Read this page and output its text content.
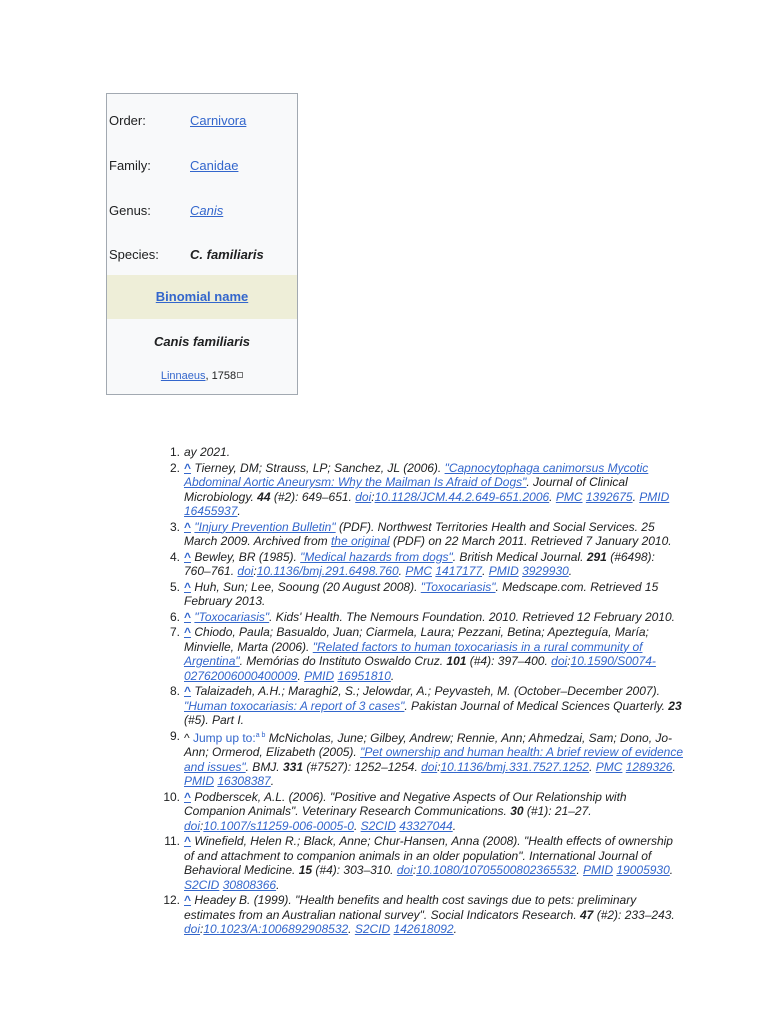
Order:	Carnivora
Family:	Canidae
Genus:	Canis
Species: C. familiaris
Binomial name
Canis familiaris
Linnaeus, 1758
1. ay 2021.
2. ^ Tierney, DM; Strauss, LP; Sanchez, JL (2006). "Capnocytophaga canimorsus Mycotic Abdominal Aortic Aneurysm: Why the Mailman Is Afraid of Dogs". Journal of Clinical Microbiology. 44 (#2): 649–651. doi:10.1128/JCM.44.2.649-651.2006. PMC 1392675. PMID 16455937.
3. ^ "Injury Prevention Bulletin" (PDF). Northwest Territories Health and Social Services. 25 March 2009. Archived from the original (PDF) on 22 March 2011. Retrieved 7 January 2010.
4. ^ Bewley, BR (1985). "Medical hazards from dogs". British Medical Journal. 291 (#6498): 760–761. doi:10.1136/bmj.291.6498.760. PMC 1417177. PMID 3929930.
5. ^ Huh, Sun; Lee, Sooung (20 August 2008). "Toxocariasis". Medscape.com. Retrieved 15 February 2013.
6. ^ "Toxocariasis". Kids' Health. The Nemours Foundation. 2010. Retrieved 12 February 2010.
7. ^ Chiodo, Paula; Basualdo, Juan; Ciarmela, Laura; Pezzani, Betina; Apezteguía, María; Minvielle, Marta (2006). "Related factors to human toxocariasis in a rural community of Argentina". Memórias do Instituto Oswaldo Cruz. 101 (#4): 397–400. doi:10.1590/S0074-02762006000400009. PMID 16951810.
8. ^ Talaizadeh, A.H.; Maraghi2, S.; Jelowdar, A.; Peyvasteh, M. (October–December 2007). "Human toxocariasis: A report of 3 cases". Pakistan Journal of Medical Sciences Quarterly. 23 (#5). Part I.
9. ^ Jump up to:$^{a b}$ McNicholas, June; Gilbey, Andrew; Rennie, Ann; Ahmedzai, Sam; Dono, Jo-Ann; Ormerod, Elizabeth (2005). "Pet ownership and human health: A brief review of evidence and issues". BMJ. 331 (#7527): 1252–1254. doi:10.1136/bmj.331.7527.1252. PMC 1289326. PMID 16308387.
10. ^ Podberscek, A.L. (2006). "Positive and Negative Aspects of Our Relationship with Companion Animals". Veterinary Research Communications. 30 (#1): 21–27. doi:10.1007/s11259-006-0005-0. S2CID 43327044.
11. ^ Winefield, Helen R.; Black, Anne; Chur-Hansen, Anna (2008). "Health effects of ownership of and attachment to companion animals in an older population". International Journal of Behavioral Medicine. 15 (#4): 303–310. doi:10.1080/10705500802365532. PMID 19005930. S2CID 30808366.
12. ^ Headey B. (1999). "Health benefits and health cost savings due to pets: preliminary estimates from an Australian national survey". Social Indicators Research. 47 (#2): 233–243. doi:10.1023/A:1006892908532. S2CID 142618092.
